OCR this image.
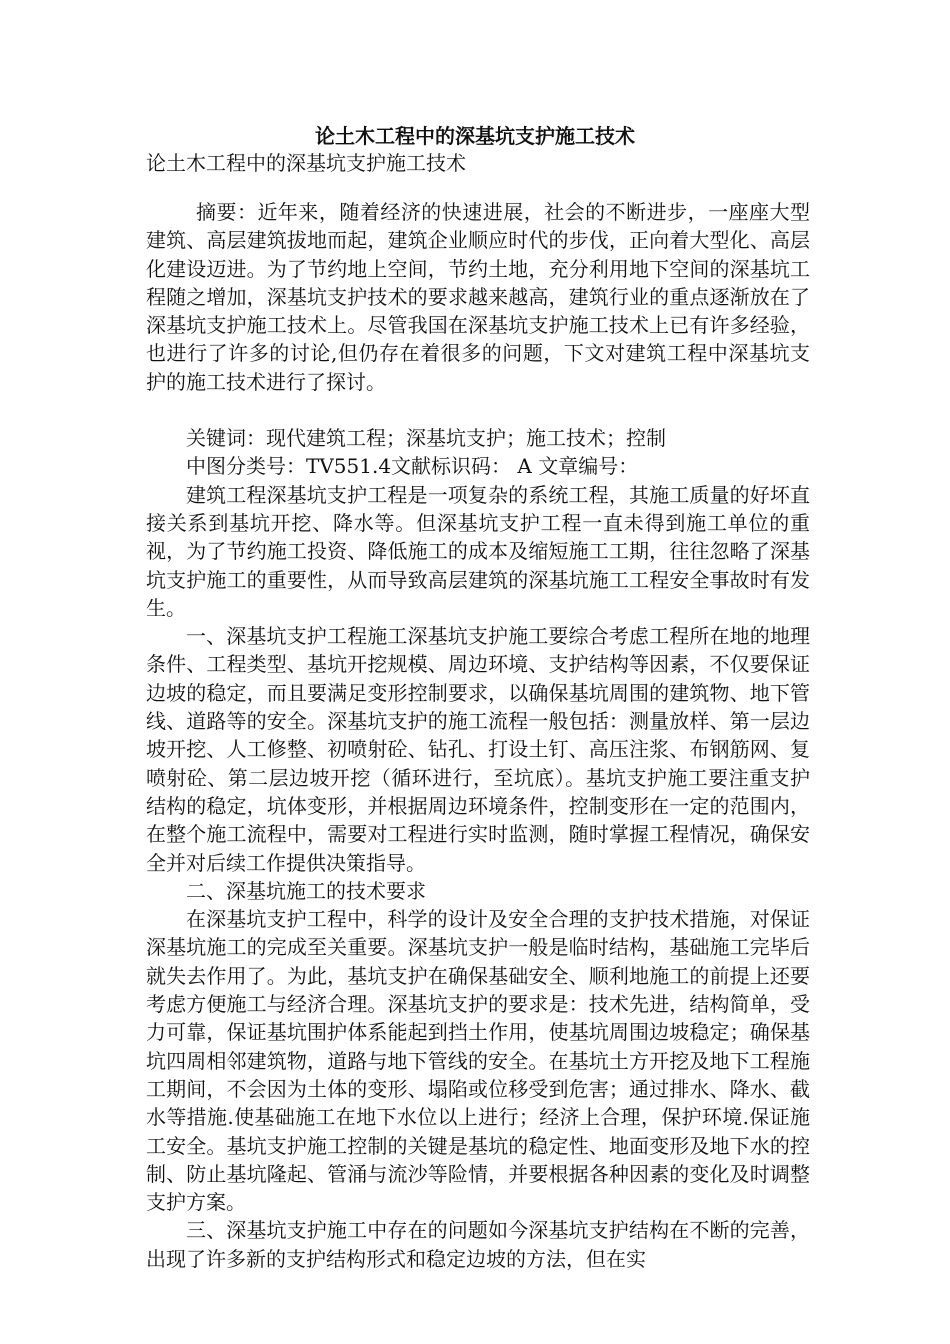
论土木工程中的深基坑支护施工技术
论土木工程中的深基坑支护施工技术

摘要：近年来，随着经济的快速进展，社会的不断进步，一座座大型建筑、高层建筑拔地而起，建筑企业顺应时代的步伐，正向着大型化、高层化建设迈进。为了节约地上空间，节约土地，充分利用地下空间的深基坑工程随之增加，深基坑支护技术的要求越来越高，建筑行业的重点逐渐放在了深基坑支护施工技术上。尽管我国在深基坑支护施工技术上已有许多经验，也进行了许多的讨论,但仍存在着很多的问题，下文对建筑工程中深基坑支护的施工技术进行了探讨。

关键词：现代建筑工程；深基坑支护；施工技术；控制

中图分类号：TV551.4文献标识码： A 文章编号：

建筑工程深基坑支护工程是一项复杂的系统工程，其施工质量的好坏直接关系到基坑开挖、降水等。但深基坑支护工程一直未得到施工单位的重视，为了节约施工投资、降低施工的成本及缩短施工工期，往往忽略了深基坑支护施工的重要性，从而导致高层建筑的深基坑施工工程安全事故时有发生。

一、深基坑支护工程施工深基坑支护施工要综合考虑工程所在地的地理条件、工程类型、基坑开挖规模、周边环境、支护结构等因素，不仅要保证边坡的稳定，而且要满足变形控制要求，以确保基坑周围的建筑物、地下管线、道路等的安全。深基坑支护的施工流程一般包括：测量放样、第一层边坡开挖、人工修整、初喷射砼、钻孔、打设土钉、高压注浆、布钢筋网、复喷射砼、第二层边坡开挖（循环进行，至坑底）。基坑支护施工要注重支护结构的稳定，坑体变形，并根据周边环境条件，控制变形在一定的范围内，在整个施工流程中，需要对工程进行实时监测，随时掌握工程情况，确保安全并对后续工作提供决策指导。

二、深基坑施工的技术要求

在深基坑支护工程中，科学的设计及安全合理的支护技术措施，对保证深基坑施工的完成至关重要。深基坑支护一般是临时结构，基础施工完毕后就失去作用了。为此，基坑支护在确保基础安全、顺利地施工的前提上还要考虑方便施工与经济合理。深基坑支护的要求是：技术先进，结构简单，受力可靠，保证基坑围护体系能起到挡土作用，使基坑周围边坡稳定；确保基坑四周相邻建筑物，道路与地下管线的安全。在基坑土方开挖及地下工程施工期间，不会因为土体的变形、塌陷或位移受到危害；通过排水、降水、截水等措施.使基础施工在地下水位以上进行；经济上合理，保护环境.保证施工安全。基坑支护施工控制的关键是基坑的稳定性、地面变形及地下水的控制、防止基坑隆起、管涌与流沙等险情，并要根据各种因素的变化及时调整支护方案。

三、深基坑支护施工中存在的问题如今深基坑支护结构在不断的完善，出现了许多新的支护结构形式和稳定边坡的方法，但在实
